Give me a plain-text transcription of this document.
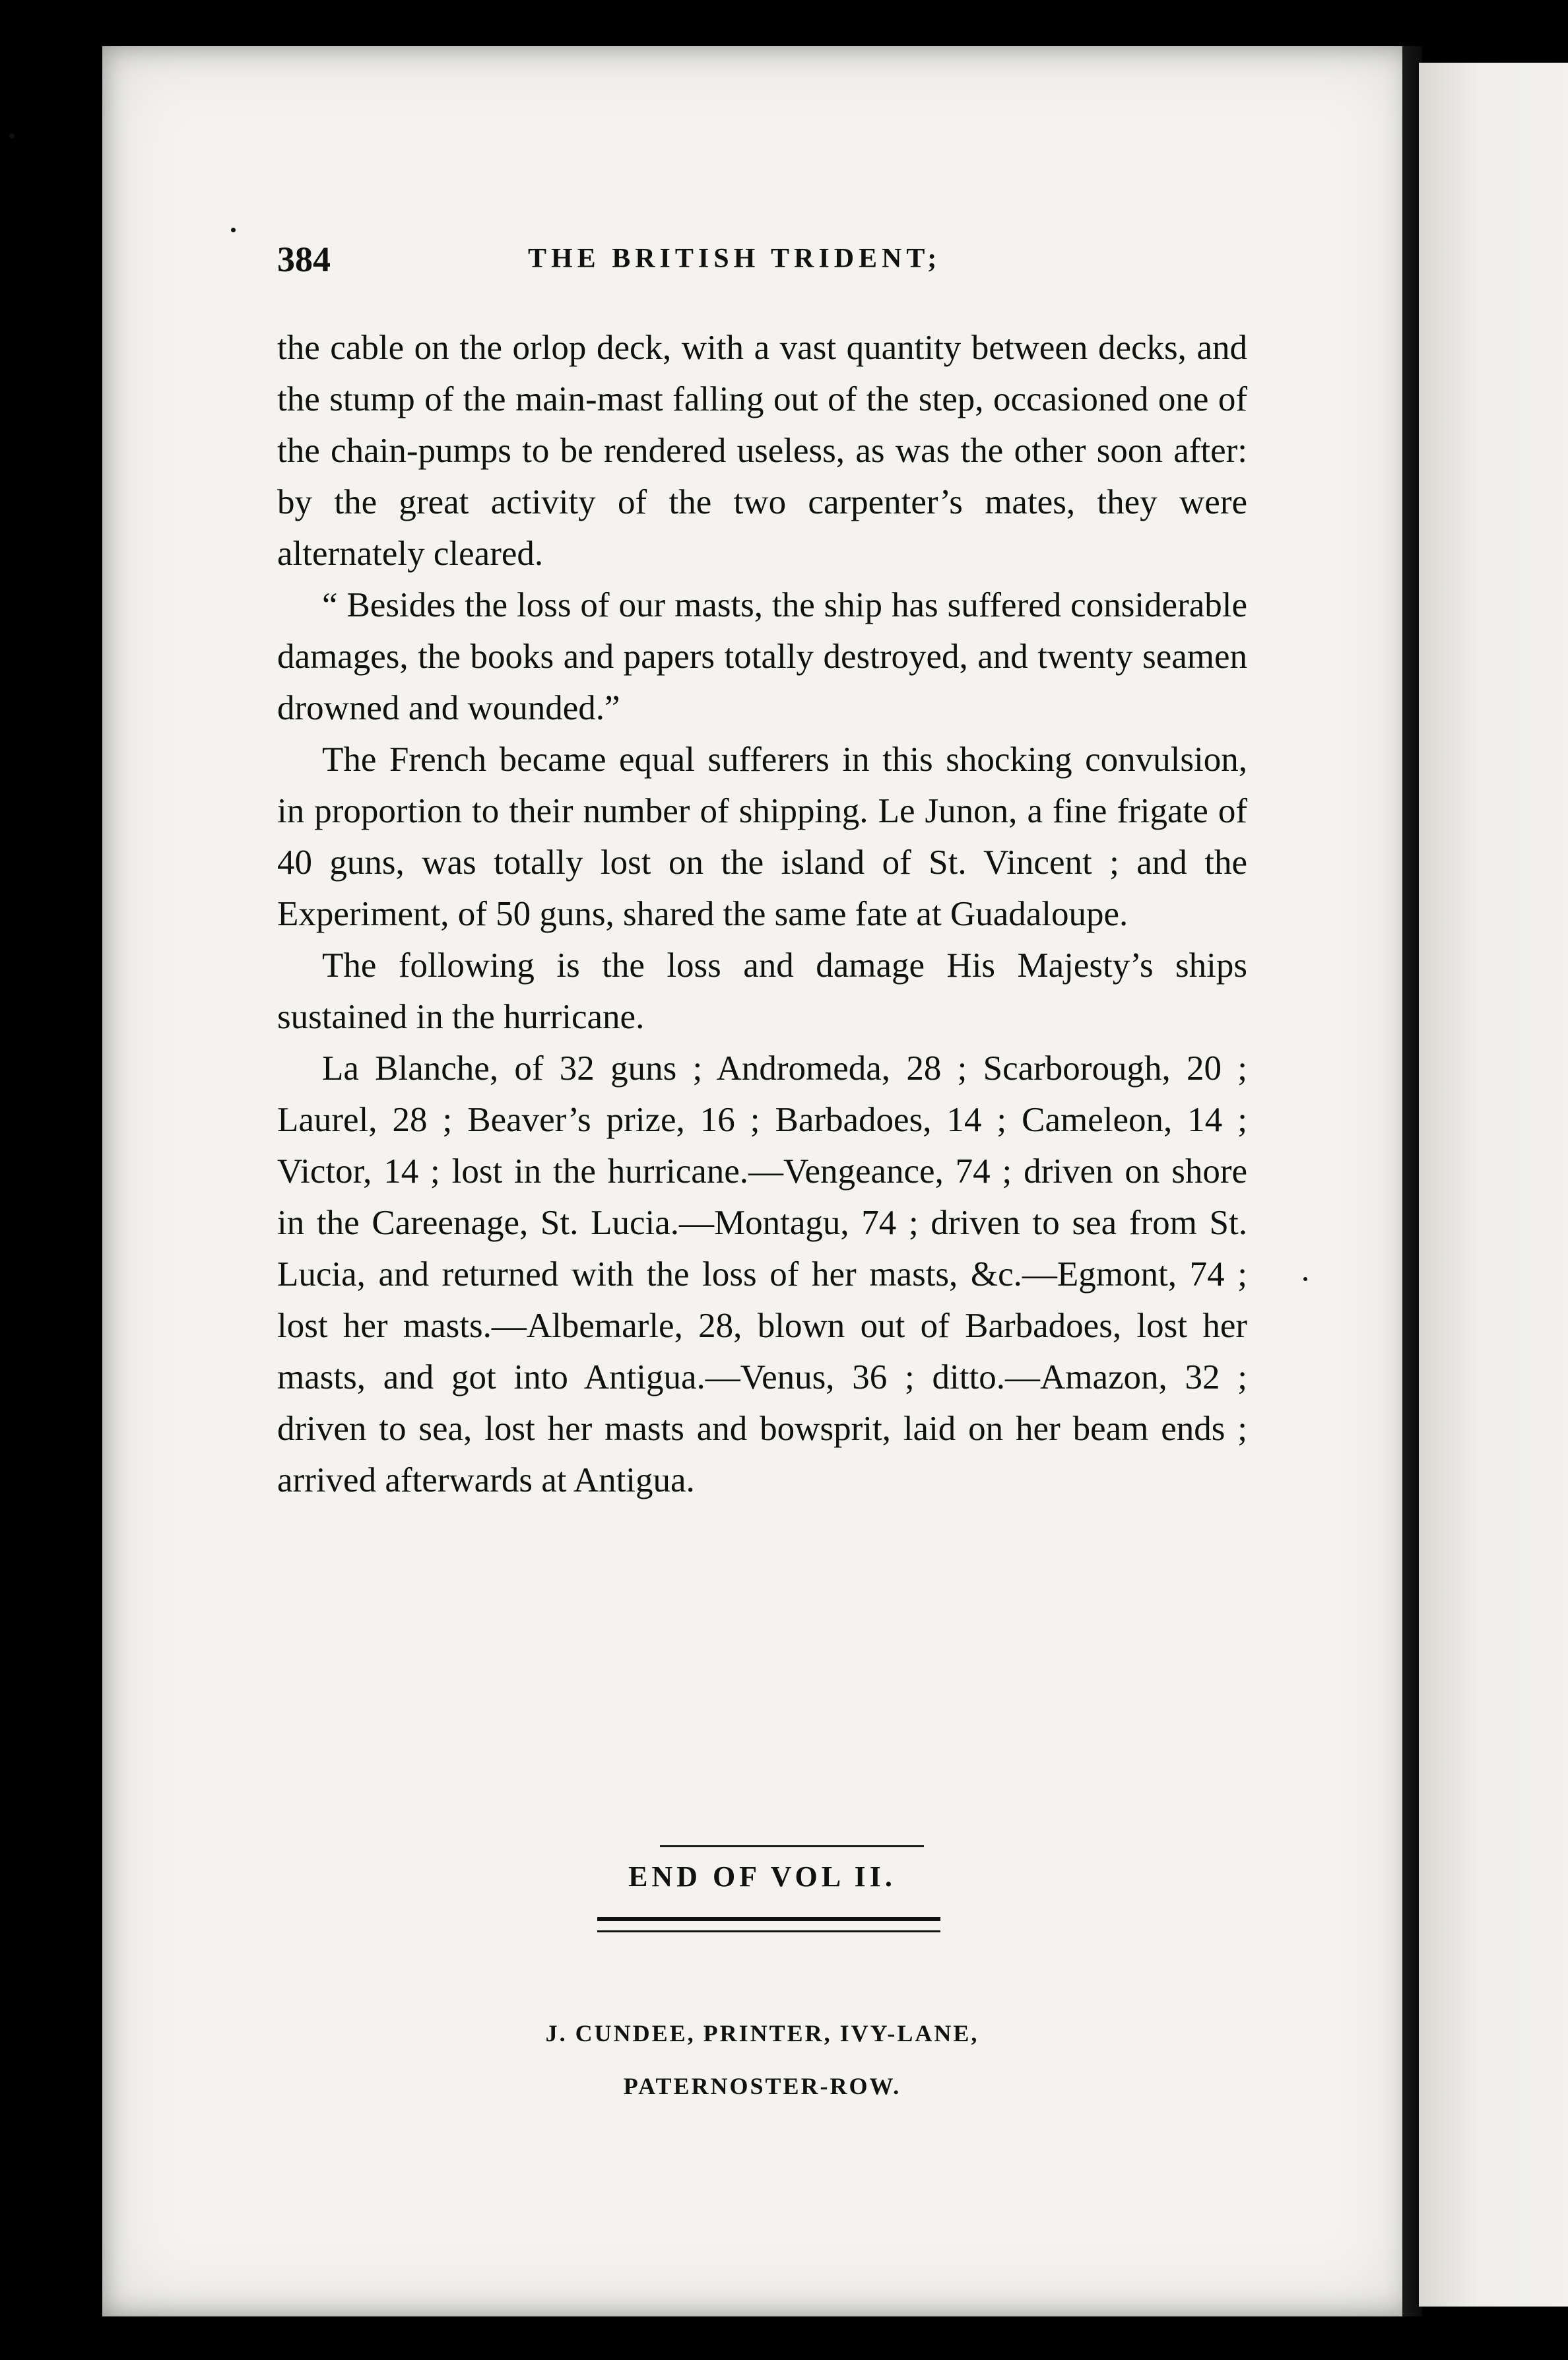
384	THE BRITISH TRIDENT;

the cable on the orlop deck, with a vast quantity between decks, and the stump of the main-mast falling out of the step, occasioned one of the chain-pumps to be rendered useless, as was the other soon after: by the great activity of the two carpenter’s mates, they were alternately cleared.

“ Besides the loss of our masts, the ship has suffered considerable damages, the books and papers totally destroyed, and twenty seamen drowned and wounded.”

The French became equal sufferers in this shocking convulsion, in proportion to their number of shipping. Le Junon, a fine frigate of 40 guns, was totally lost on the island of St. Vincent ; and the Experiment, of 50 guns, shared the same fate at Guadaloupe.

The following is the loss and damage His Majesty’s ships sustained in the hurricane.

La Blanche, of 32 guns ; Andromeda, 28 ; Scarborough, 20 ; Laurel, 28 ; Beaver’s prize, 16 ; Barbadoes, 14 ; Cameleon, 14 ; Victor, 14 ; lost in the hurricane.—Vengeance, 74 ; driven on shore in the Careenage, St. Lucia.—Montagu, 74 ; driven to sea from St. Lucia, and returned with the loss of her masts, &c.—Egmont, 74 ; lost her masts.—Albemarle, 28, blown out of Barbadoes, lost her masts, and got into Antigua.—Venus, 36 ; ditto.—Amazon, 32 ; driven to sea, lost her masts and bowsprit, laid on her beam ends ; arrived afterwards at Antigua.

END OF VOL II.
J. CUNDEE, PRINTER, IVY-LANE,
PATERNOSTER-ROW.
